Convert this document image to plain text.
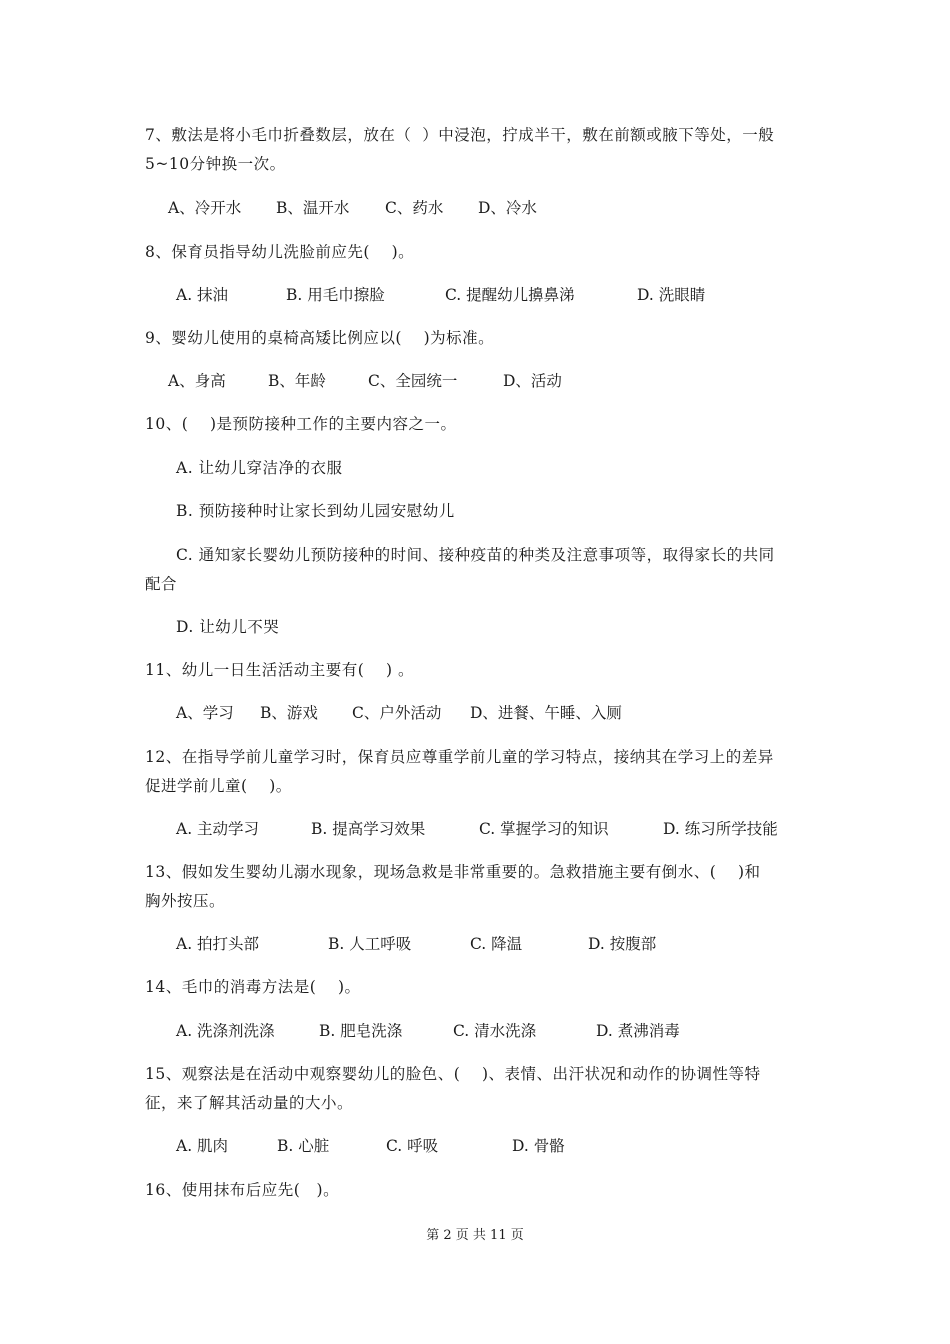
7、敷法是将小毛巾折叠数层，放在（  ）中浸泡，拧成半干，敷在前额或腋下等处，一般
5~10分钟换一次。

A、冷开水

B、温开水

C、药水

D、冷水

8、保育员指导幼儿洗脸前应先(    )。

A. 抹油

	B. 用毛巾擦脸

	C. 提醒幼儿擤鼻涕

	D. 洗眼睛

9、婴幼儿使用的桌椅高矮比例应以(    )为标准。

A、身高

	B、年龄

	C、全园统一

	D、活动

10、(    )是预防接种工作的主要内容之一。
A. 让幼儿穿洁净的衣服
B. 预防接种时让家长到幼儿园安慰幼儿
C. 通知家长婴幼儿预防接种的时间、接种疫苗的种类及注意事项等，取得家长的共同
配合
D. 让幼儿不哭
11、幼儿一日生活活动主要有(    ) 。

A、学习

B、游戏

C、户外活动

D、进餐、午睡、入厕

12、在指导学前儿童学习时，保育员应尊重学前儿童的学习特点，接纳其在学习上的差异
促进学前儿童(    )。

A. 主动学习

	B. 提高学习效果

	C. 掌握学习的知识

	D. 练习所学技能

13、假如发生婴幼儿溺水现象，现场急救是非常重要的。急救措施主要有倒水、(    )和
胸外按压。

A. 拍打头部

	B. 人工呼吸

	C. 降温

	D. 按腹部

14、毛巾的消毒方法是(    )。

A. 洗涤剂洗涤

	B. 肥皂洗涤

	C. 清水洗涤

	D. 煮沸消毒

15、观察法是在活动中观察婴幼儿的脸色、(    )、表情、出汗状况和动作的协调性等特
征，来了解其活动量的大小。

A. 肌肉

	B. 心脏

	C. 呼吸

	D. 骨骼

16、使用抹布后应先(   )。
第 2 页 共 11 页
